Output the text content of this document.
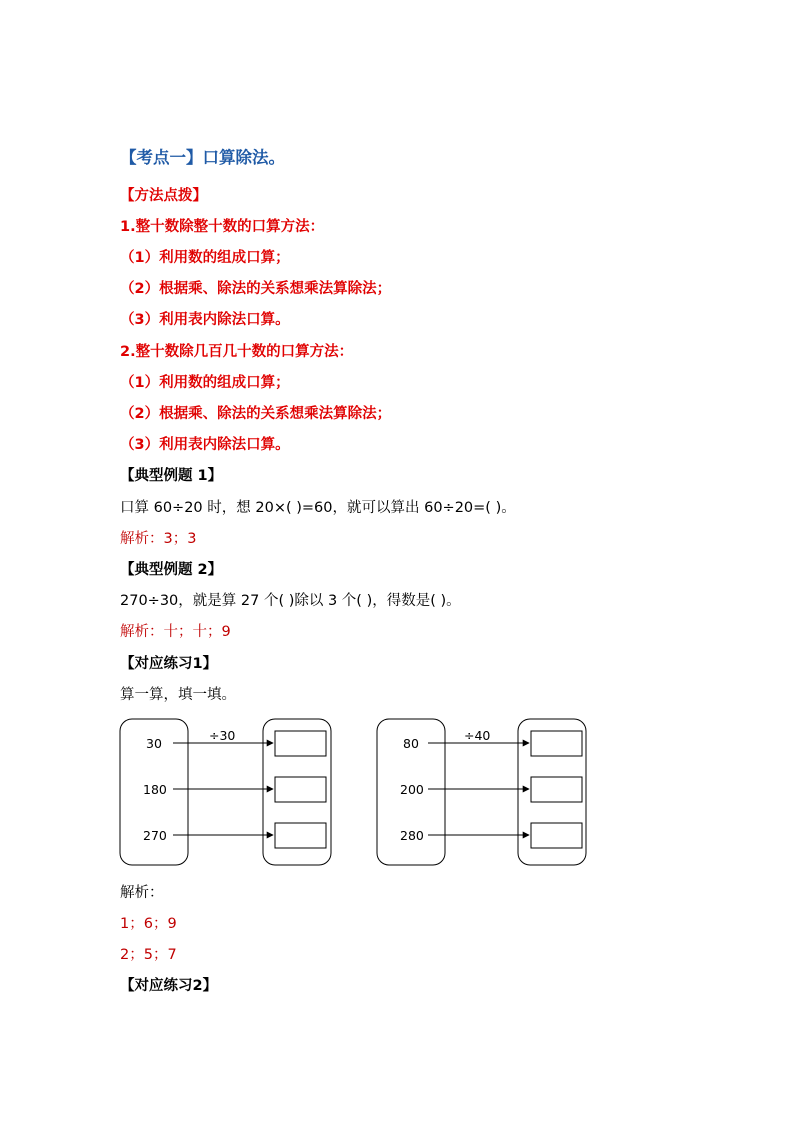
【考点一】口算除法。
【方法点拨】
1.整十数除整十数的口算方法：
（1）利用数的组成口算；
（2）根据乘、除法的关系想乘法算除法；
（3）利用表内除法口算。
2.整十数除几百几十数的口算方法：
（1）利用数的组成口算；
（2）根据乘、除法的关系想乘法算除法；
（3）利用表内除法口算。
【典型例题 1】
口算 60÷20 时，想 20×( )=60，就可以算出 60÷20=( )。
解析：3；3
【典型例题 2】
270÷30，就是算 27 个( )除以 3 个( )，得数是( )。
解析：十；十；9
【对应练习1】
算一算，填一填。
÷30
30
180
270
÷40
80
200
280
解析：
1；6；9
2；5；7
【对应练习2】
